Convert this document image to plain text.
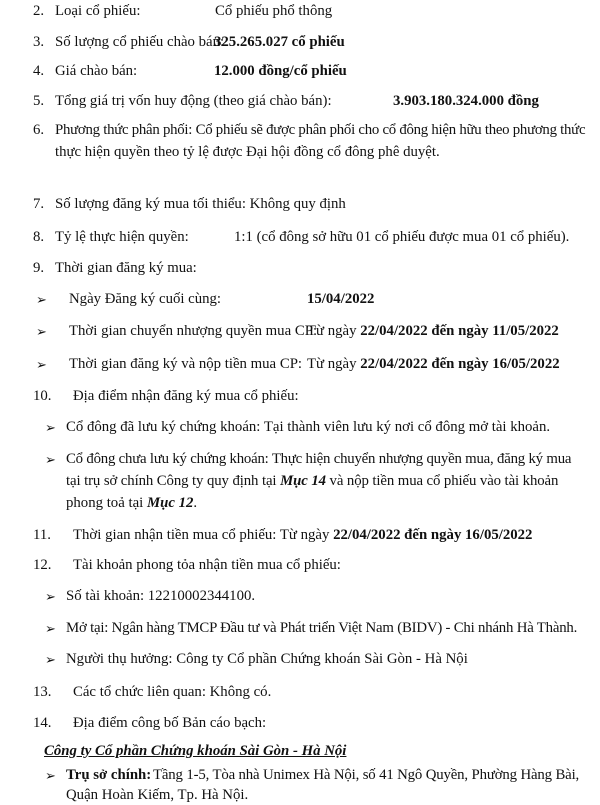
2. Loại cổ phiếu:	Cổ phiếu phổ thông
3. Số lượng cổ phiếu chào bán:
325.265.027 cổ phiếu
4. Giá chào bán:	12.000 đồng/cổ phiếu
5. Tổng giá trị vốn huy động (theo giá chào bán):	3.903.180.324.000 đồng
6. Phương thức phân phối: Cổ phiếu sẽ được phân phối cho cổ đông hiện hữu theo phương thức
thực hiện quyền theo tỷ lệ được Đại hội đồng cổ đông phê duyệt.
7. Số lượng đăng ký mua tối thiểu: Không quy định
8. Tỷ lệ thực hiện quyền:	1:1 (cổ đông sở hữu 01 cổ phiếu được mua 01 cổ phiếu).
9. Thời gian đăng ký mua:
➢ Ngày Đăng ký cuối cùng:	15/04/2022
➢ Thời gian chuyển nhượng quyền mua CP:
Từ ngày 22/04/2022 đến ngày 11/05/2022
➢ Thời gian đăng ký và nộp tiền mua CP: Từ ngày 22/04/2022 đến ngày 16/05/2022
10. Địa điểm nhận đăng ký mua cổ phiếu:
➢ Cổ đông đã lưu ký chứng khoán: Tại thành viên lưu ký nơi cổ đông mở tài khoản.
➢ Cổ đông chưa lưu ký chứng khoán: Thực hiện chuyển nhượng quyền mua, đăng ký mua
tại trụ sở chính Công ty quy định tại Mục 14 và nộp tiền mua cổ phiếu vào tài khoản
phong toả tại Mục 12.
11. Thời gian nhận tiền mua cổ phiếu: Từ ngày 22/04/2022 đến ngày 16/05/2022
12. Tài khoản phong tỏa nhận tiền mua cổ phiếu:
➢ Số tài khoản: 12210002344100.
➢ Mở tại: Ngân hàng TMCP Đầu tư và Phát triển Việt Nam (BIDV) - Chi nhánh Hà Thành.
➢ Người thụ hưởng: Công ty Cổ phần Chứng khoán Sài Gòn - Hà Nội
13. Các tổ chức liên quan: Không có.
14. Địa điểm công bố Bản cáo bạch:
Công ty Cổ phần Chứng khoán Sài Gòn - Hà Nội
➢ Trụ sở chính: Tầng 1-5, Tòa nhà Unimex Hà Nội, số 41 Ngô Quyền, Phường Hàng Bài,
Quận Hoàn Kiếm, Tp. Hà Nội.
